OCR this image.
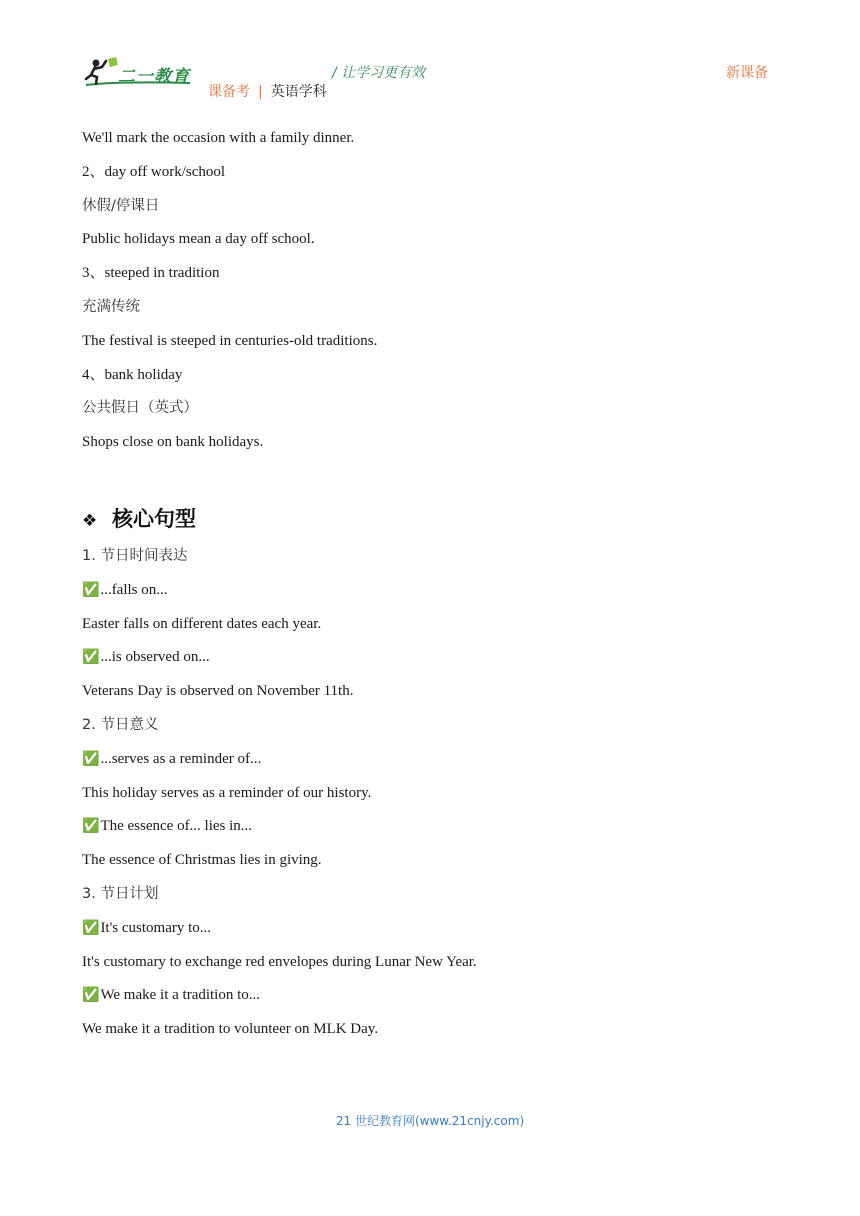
二一教育	/ 让学习更有效	新课备
课备考 | 英语学科
We'll mark the occasion with a family dinner.
2、day off work/school
休假/停课日
Public holidays mean a day off school.
3、steeped in tradition
充满传统
The festival is steeped in centuries-old traditions.
4、bank holiday
公共假日（英式）
Shops close on bank holidays.
❖ 核心句型
1. 节日时间表达
✅...falls on...
Easter falls on different dates each year.
✅...is observed on...
Veterans Day is observed on November 11th.
2. 节日意义
✅...serves as a reminder of...
This holiday serves as a reminder of our history.
✅The essence of... lies in...
The essence of Christmas lies in giving.
3. 节日计划
✅It's customary to...
It's customary to exchange red envelopes during Lunar New Year.
✅We make it a tradition to...
We make it a tradition to volunteer on MLK Day.
21 世纪教育网(www.21cnjy.com)
